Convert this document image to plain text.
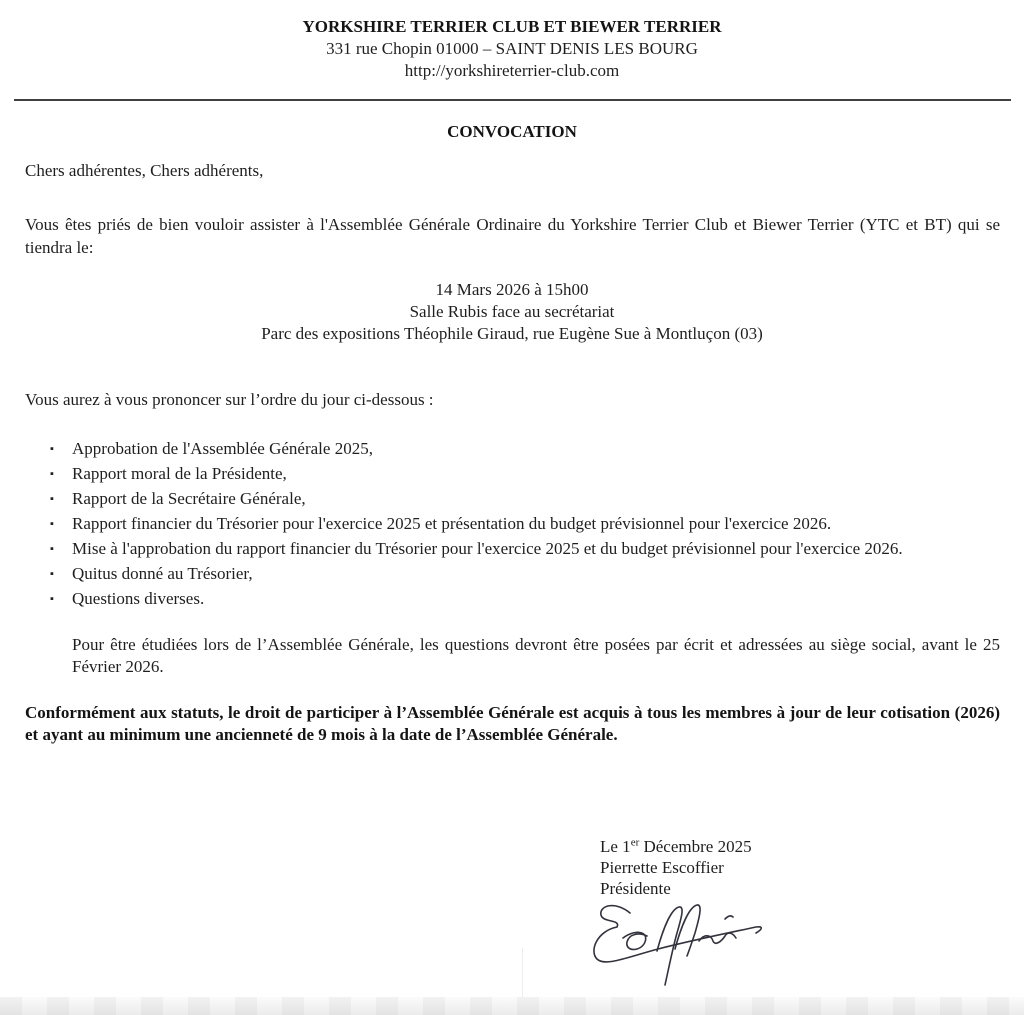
YORKSHIRE TERRIER CLUB ET BIEWER TERRIER
331 rue Chopin 01000 – SAINT DENIS LES BOURG
http://yorkshireterrier-club.com
CONVOCATION
Chers adhérentes, Chers adhérents,
Vous êtes priés de bien vouloir assister à l'Assemblée Générale Ordinaire du Yorkshire Terrier Club et Biewer Terrier (YTC et BT) qui se tiendra le:
14 Mars 2026 à 15h00
Salle Rubis face au secrétariat
Parc des expositions Théophile Giraud, rue Eugène Sue à Montluçon (03)
Vous aurez à vous prononcer sur l’ordre du jour ci-dessous :
▪	Approbation de l'Assemblée Générale 2025,
▪	Rapport moral de la Présidente,
▪	Rapport de la Secrétaire Générale,
▪	Rapport financier du Trésorier pour l'exercice 2025 et présentation du budget prévisionnel pour l'exercice 2026.
▪	Mise à l'approbation du rapport financier du Trésorier pour l'exercice 2025 et du budget prévisionnel pour l'exercice 2026.
▪	Quitus donné au Trésorier,
▪	Questions diverses.
Pour être étudiées lors de l’Assemblée Générale, les questions devront être posées par écrit et adressées au siège social, avant le 25 Février 2026.
Conformément aux statuts, le droit de participer à l’Assemblée Générale est acquis à tous les membres à jour de leur cotisation (2026) et ayant au minimum une ancienneté de 9 mois à la date de l’Assemblée Générale.
Le 1er Décembre 2025
Pierrette Escoffier
Présidente
